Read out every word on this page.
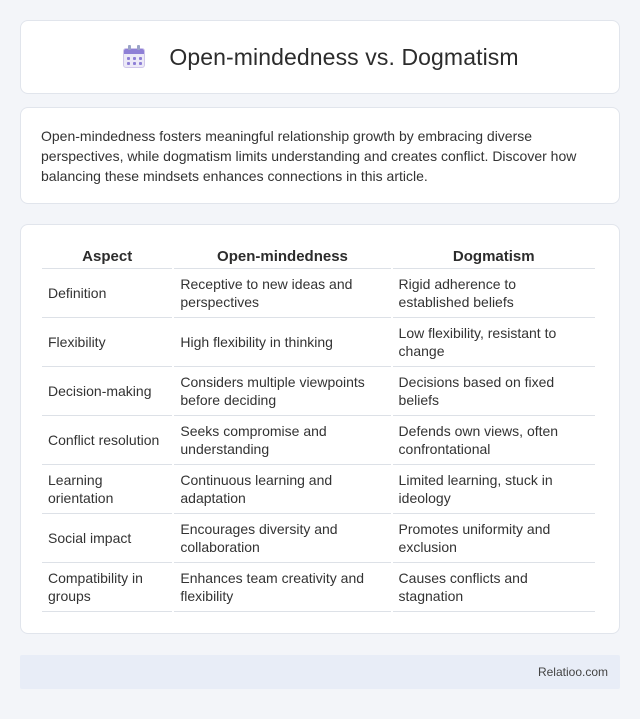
Open-mindedness vs. Dogmatism

Open-mindedness fosters meaningful relationship growth by embracing diverse perspectives, while dogmatism limits understanding and creates conflict. Discover how balancing these mindsets enhances connections in this article.

Aspect	Open-mindedness	Dogmatism
Definition	Receptive to new ideas and perspectives	Rigid adherence to established beliefs
Flexibility	High flexibility in thinking	Low flexibility, resistant to change
Decision-making	Considers multiple viewpoints before deciding	Decisions based on fixed beliefs
Conflict resolution	Seeks compromise and understanding	Defends own views, often confrontational
Learning orientation	Continuous learning and adaptation	Limited learning, stuck in ideology
Social impact	Encourages diversity and collaboration	Promotes uniformity and exclusion
Compatibility in groups	Enhances team creativity and flexibility	Causes conflicts and stagnation
Relatioo.com
